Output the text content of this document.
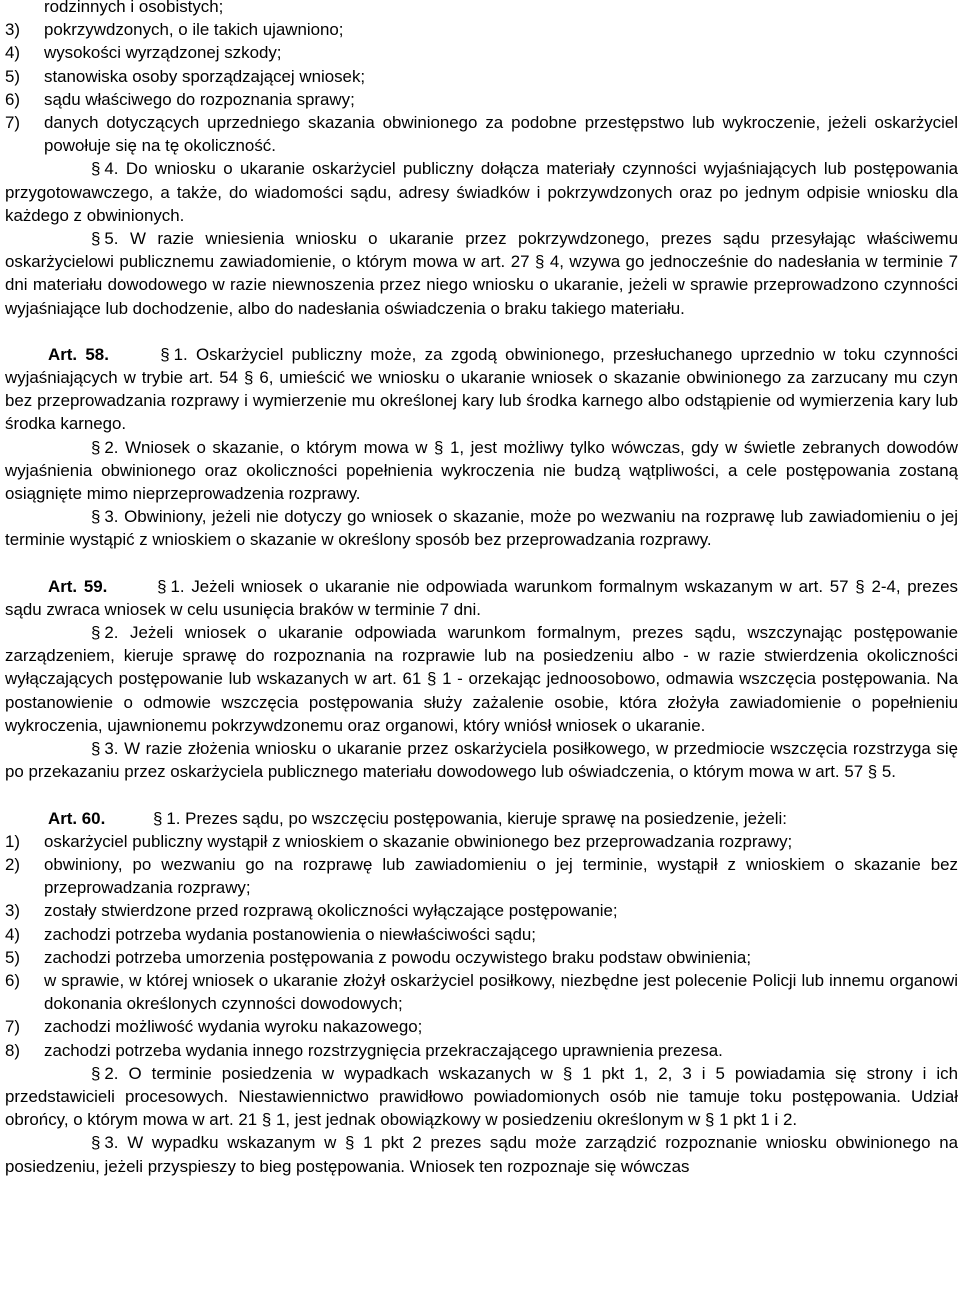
rodzinnych i osobistych;
3)	pokrzywdzonych, o ile takich ujawniono;
4)	wysokości wyrządzonej szkody;
5)	stanowiska osoby sporządzającej wniosek;
6)	sądu właściwego do rozpoznania sprawy;
7)	danych dotyczących uprzedniego skazania obwinionego za podobne przestępstwo lub wykroczenie, jeżeli oskarżyciel powołuje się na tę okoliczność.

§ 4. Do wniosku o ukaranie oskarżyciel publiczny dołącza materiały czynności wyjaśniających lub postępowania przygotowawczego, a także, do wiadomości sądu, adresy świadków i pokrzywdzonych oraz po jednym odpisie wniosku dla każdego z obwinionych.

§ 5. W razie wniesienia wniosku o ukaranie przez pokrzywdzonego, prezes sądu przesyłając właściwemu oskarżycielowi publicznemu zawiadomienie, o którym mowa w art. 27 § 4, wzywa go jednocześnie do nadesłania w terminie 7 dni materiału dowodowego w razie niewnoszenia przez niego wniosku o ukaranie, jeżeli w sprawie przeprowadzono czynności wyjaśniające lub dochodzenie, albo do nadesłania oświadczenia o braku takiego materiału.

Art. 58.	§ 1. Oskarżyciel publiczny może, za zgodą obwinionego, przesłuchanego uprzednio w toku czynności wyjaśniających w trybie art. 54 § 6, umieścić we wniosku o ukaranie wniosek o skazanie obwinionego za zarzucany mu czyn bez przeprowadzania rozprawy i wymierzenie mu określonej kary lub środka karnego albo odstąpienie od wymierzenia kary lub środka karnego.

§ 2. Wniosek o skazanie, o którym mowa w § 1, jest możliwy tylko wówczas, gdy w świetle zebranych dowodów wyjaśnienia obwinionego oraz okoliczności popełnienia wykroczenia nie budzą wątpliwości, a cele postępowania zostaną osiągnięte mimo nieprzeprowadzenia rozprawy.

§ 3. Obwiniony, jeżeli nie dotyczy go wniosek o skazanie, może po wezwaniu na rozprawę lub zawiadomieniu o jej terminie wystąpić z wnioskiem o skazanie w określony sposób bez przeprowadzania rozprawy.

Art. 59.	§ 1. Jeżeli wniosek o ukaranie nie odpowiada warunkom formalnym wskazanym w art. 57 § 2-4, prezes sądu zwraca wniosek w celu usunięcia braków w terminie 7 dni.

§ 2. Jeżeli wniosek o ukaranie odpowiada warunkom formalnym, prezes sądu, wszczynając postępowanie zarządzeniem, kieruje sprawę do rozpoznania na rozprawie lub na posiedzeniu albo - w razie stwierdzenia okoliczności wyłączających postępowanie lub wskazanych w art. 61 § 1 - orzekając jednoosobowo, odmawia wszczęcia postępowania. Na postanowienie o odmowie wszczęcia postępowania służy zażalenie osobie, która złożyła zawiadomienie o popełnieniu wykroczenia, ujawnionemu pokrzywdzonemu oraz organowi, który wniósł wniosek o ukaranie.

§ 3. W razie złożenia wniosku o ukaranie przez oskarżyciela posiłkowego, w przedmiocie wszczęcia rozstrzyga się po przekazaniu przez oskarżyciela publicznego materiału dowodowego lub oświadczenia, o którym mowa w art. 57 § 5.

Art. 60.	§ 1. Prezes sądu, po wszczęciu postępowania, kieruje sprawę na posiedzenie, jeżeli:

1)	oskarżyciel publiczny wystąpił z wnioskiem o skazanie obwinionego bez przeprowadzania rozprawy;
2)	obwiniony, po wezwaniu go na rozprawę lub zawiadomieniu o jej terminie, wystąpił z wnioskiem o skazanie bez przeprowadzania rozprawy;
3)	zostały stwierdzone przed rozprawą okoliczności wyłączające postępowanie;
4)	zachodzi potrzeba wydania postanowienia o niewłaściwości sądu;
5)	zachodzi potrzeba umorzenia postępowania z powodu oczywistego braku podstaw obwinienia;
6)	w sprawie, w której wniosek o ukaranie złożył oskarżyciel posiłkowy, niezbędne jest polecenie Policji lub innemu organowi dokonania określonych czynności dowodowych;
7)	zachodzi możliwość wydania wyroku nakazowego;
8)	zachodzi potrzeba wydania innego rozstrzygnięcia przekraczającego uprawnienia prezesa.

§ 2. O terminie posiedzenia w wypadkach wskazanych w § 1 pkt 1, 2, 3 i 5 powiadamia się strony i ich przedstawicieli procesowych. Niestawiennictwo prawidłowo powiadomionych osób nie tamuje toku postępowania. Udział obrońcy, o którym mowa w art. 21 § 1, jest jednak obowiązkowy w posiedzeniu określonym w § 1 pkt 1 i 2.

§ 3. W wypadku wskazanym w § 1 pkt 2 prezes sądu może zarządzić rozpoznanie wniosku obwinionego na posiedzeniu, jeżeli przyspieszy to bieg postępowania. Wniosek ten rozpoznaje się wówczas
